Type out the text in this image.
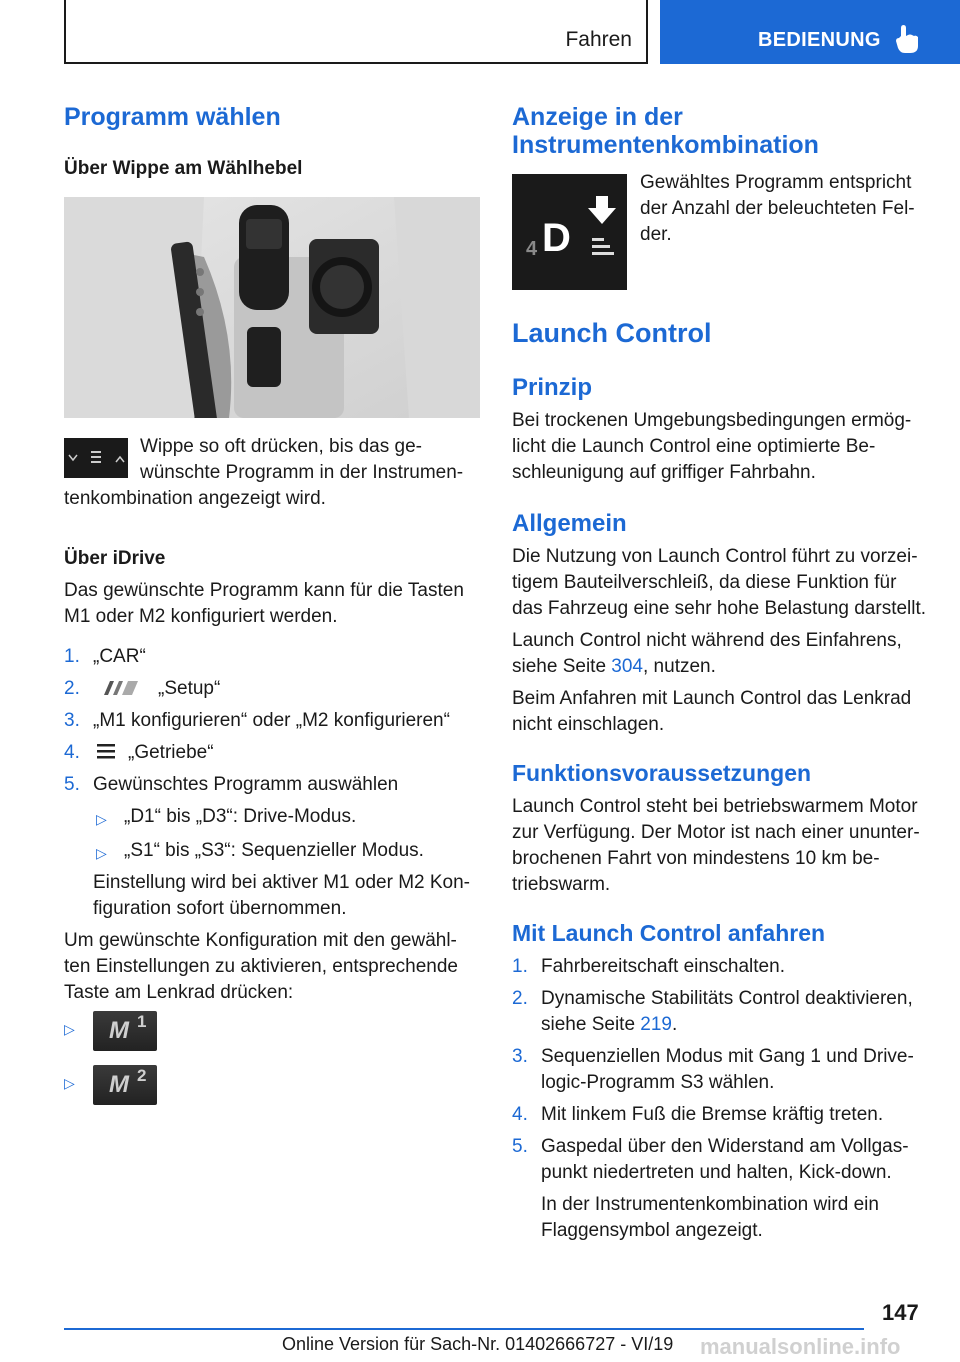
Fahren	BEDIENUNG
Programm wählen

Über Wippe am Wählhebel

Wippe so oft drücken, bis das ge-

wünschte Programm in der Instrumen-

tenkombination angezeigt wird.

Über iDrive

Das gewünschte Programm kann für die Tasten

M1 oder M2 konfiguriert werden.

1. „CAR“
2.	„Setup“
3. „M1 konfigurieren“ oder „M2 konfigurieren“
4.	„Getriebe“
5. Gewünschtes Programm auswählen
▷ „D1“ bis „D3“: Drive-Modus.
▷ „S1“ bis „S3“: Sequenzieller Modus.

Einstellung wird bei aktiver M1 oder M2 Kon-

figuration sofort übernommen.

Um gewünschte Konfiguration mit den gewähl-

ten Einstellungen zu aktivieren, entsprechende

Taste am Lenkrad drücken:

▷ M 1
▷ M 2
Anzeige in der
Instrumentenkombination
4 D

Gewähltes Programm entspricht

der Anzahl der beleuchteten Fel-

der.

Launch Control
Prinzip

Bei trockenen Umgebungsbedingungen ermög-

licht die Launch Control eine optimierte Be-

schleunigung auf griffiger Fahrbahn.

Allgemein

Die Nutzung von Launch Control führt zu vorzei-

tigem Bauteilverschleiß, da diese Funktion für

das Fahrzeug eine sehr hohe Belastung darstellt.

Launch Control nicht während des Einfahrens,

siehe Seite 304, nutzen.

Beim Anfahren mit Launch Control das Lenkrad

nicht einschlagen.

Funktionsvoraussetzungen

Launch Control steht bei betriebswarmem Motor

zur Verfügung. Der Motor ist nach einer ununter-

brochenen Fahrt von mindestens 10 km be-

triebswarm.

Mit Launch Control anfahren
1. Fahrbereitschaft einschalten.
2. Dynamische Stabilitäts Control deaktivieren,

siehe Seite 219.

3. Sequenziellen Modus mit Gang 1 und Drive-
logic-Programm S3 wählen.
4. Mit linkem Fuß die Bremse kräftig treten.
5. Gaspedal über den Widerstand am Vollgas-
punkt niedertreten und halten, Kick-down.
In der Instrumentenkombination wird ein
Flaggensymbol angezeigt.
147
Online Version für Sach-Nr. 01402666727 - VI/19 manualsonline.info
